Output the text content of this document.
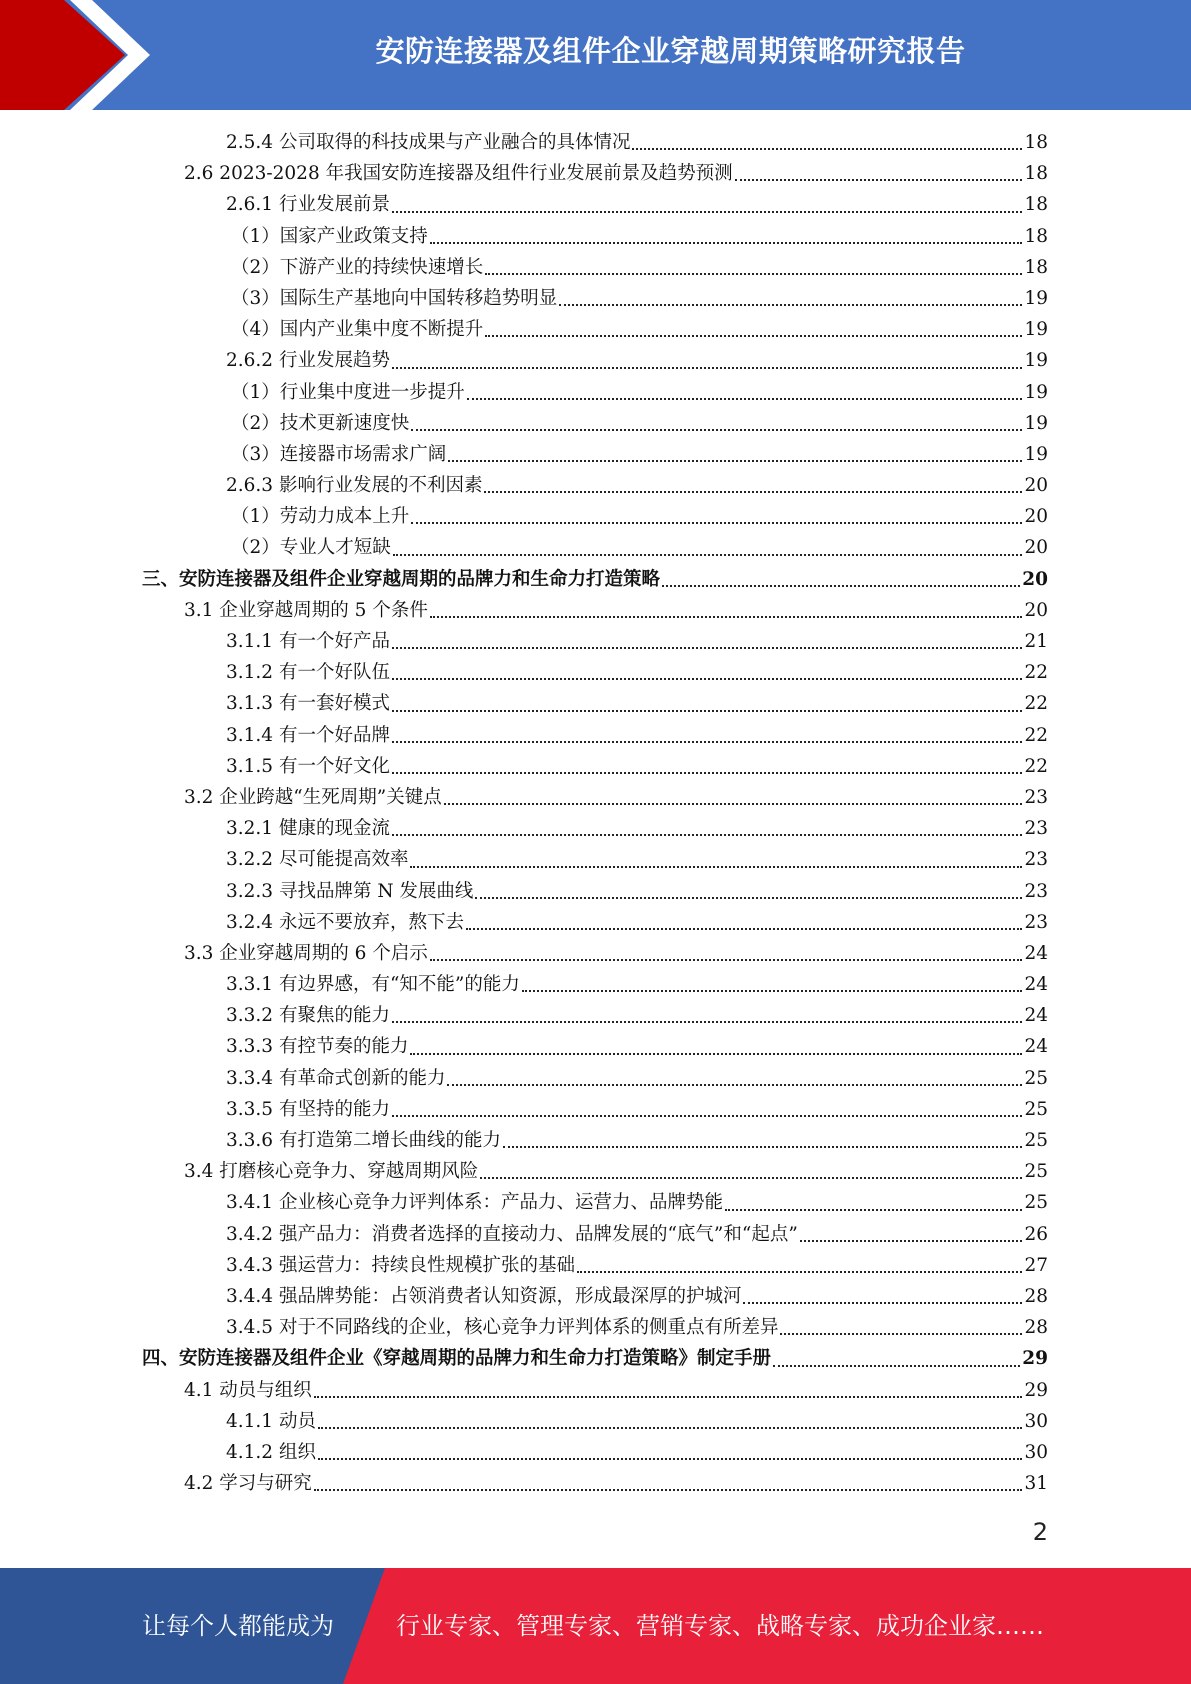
安防连接器及组件企业穿越周期策略研究报告
2.5.4 公司取得的科技成果与产业融合的具体情况	18
2.6 2023-2028 年我国安防连接器及组件行业发展前景及趋势预测	18
2.6.1 行业发展前景	18
（1）国家产业政策支持	18
（2）下游产业的持续快速增长	18
（3）国际生产基地向中国转移趋势明显	19
（4）国内产业集中度不断提升	19
2.6.2 行业发展趋势	19
（1）行业集中度进一步提升	19
（2）技术更新速度快	19
（3）连接器市场需求广阔	19
2.6.3 影响行业发展的不利因素	20
（1）劳动力成本上升	20
（2）专业人才短缺	20
三、安防连接器及组件企业穿越周期的品牌力和生命力打造策略	20
3.1 企业穿越周期的 5 个条件	20
3.1.1 有一个好产品	21
3.1.2 有一个好队伍	22
3.1.3 有一套好模式	22
3.1.4 有一个好品牌	22
3.1.5 有一个好文化	22
3.2 企业跨越“生死周期”关键点	23
3.2.1 健康的现金流	23
3.2.2 尽可能提高效率	23
3.2.3 寻找品牌第 N 发展曲线	23
3.2.4 永远不要放弃，熬下去	23
3.3 企业穿越周期的 6 个启示	24
3.3.1 有边界感，有“知不能”的能力	24
3.3.2 有聚焦的能力	24
3.3.3 有控节奏的能力	24
3.3.4 有革命式创新的能力	25
3.3.5 有坚持的能力	25
3.3.6 有打造第二增长曲线的能力	25
3.4 打磨核心竞争力、穿越周期风险	25
3.4.1 企业核心竞争力评判体系：产品力、运营力、品牌势能	25
3.4.2 强产品力：消费者选择的直接动力、品牌发展的“底气”和“起点”	26
3.4.3 强运营力：持续良性规模扩张的基础	27
3.4.4 强品牌势能：占领消费者认知资源，形成最深厚的护城河	28
3.4.5 对于不同路线的企业，核心竞争力评判体系的侧重点有所差异	28
四、安防连接器及组件企业《穿越周期的品牌力和生命力打造策略》制定手册	29
4.1 动员与组织	29
4.1.1 动员	30
4.1.2 组织	30
4.2 学习与研究	31
2
让每个人都能成为	行业专家、管理专家、营销专家、战略专家、成功企业家……
